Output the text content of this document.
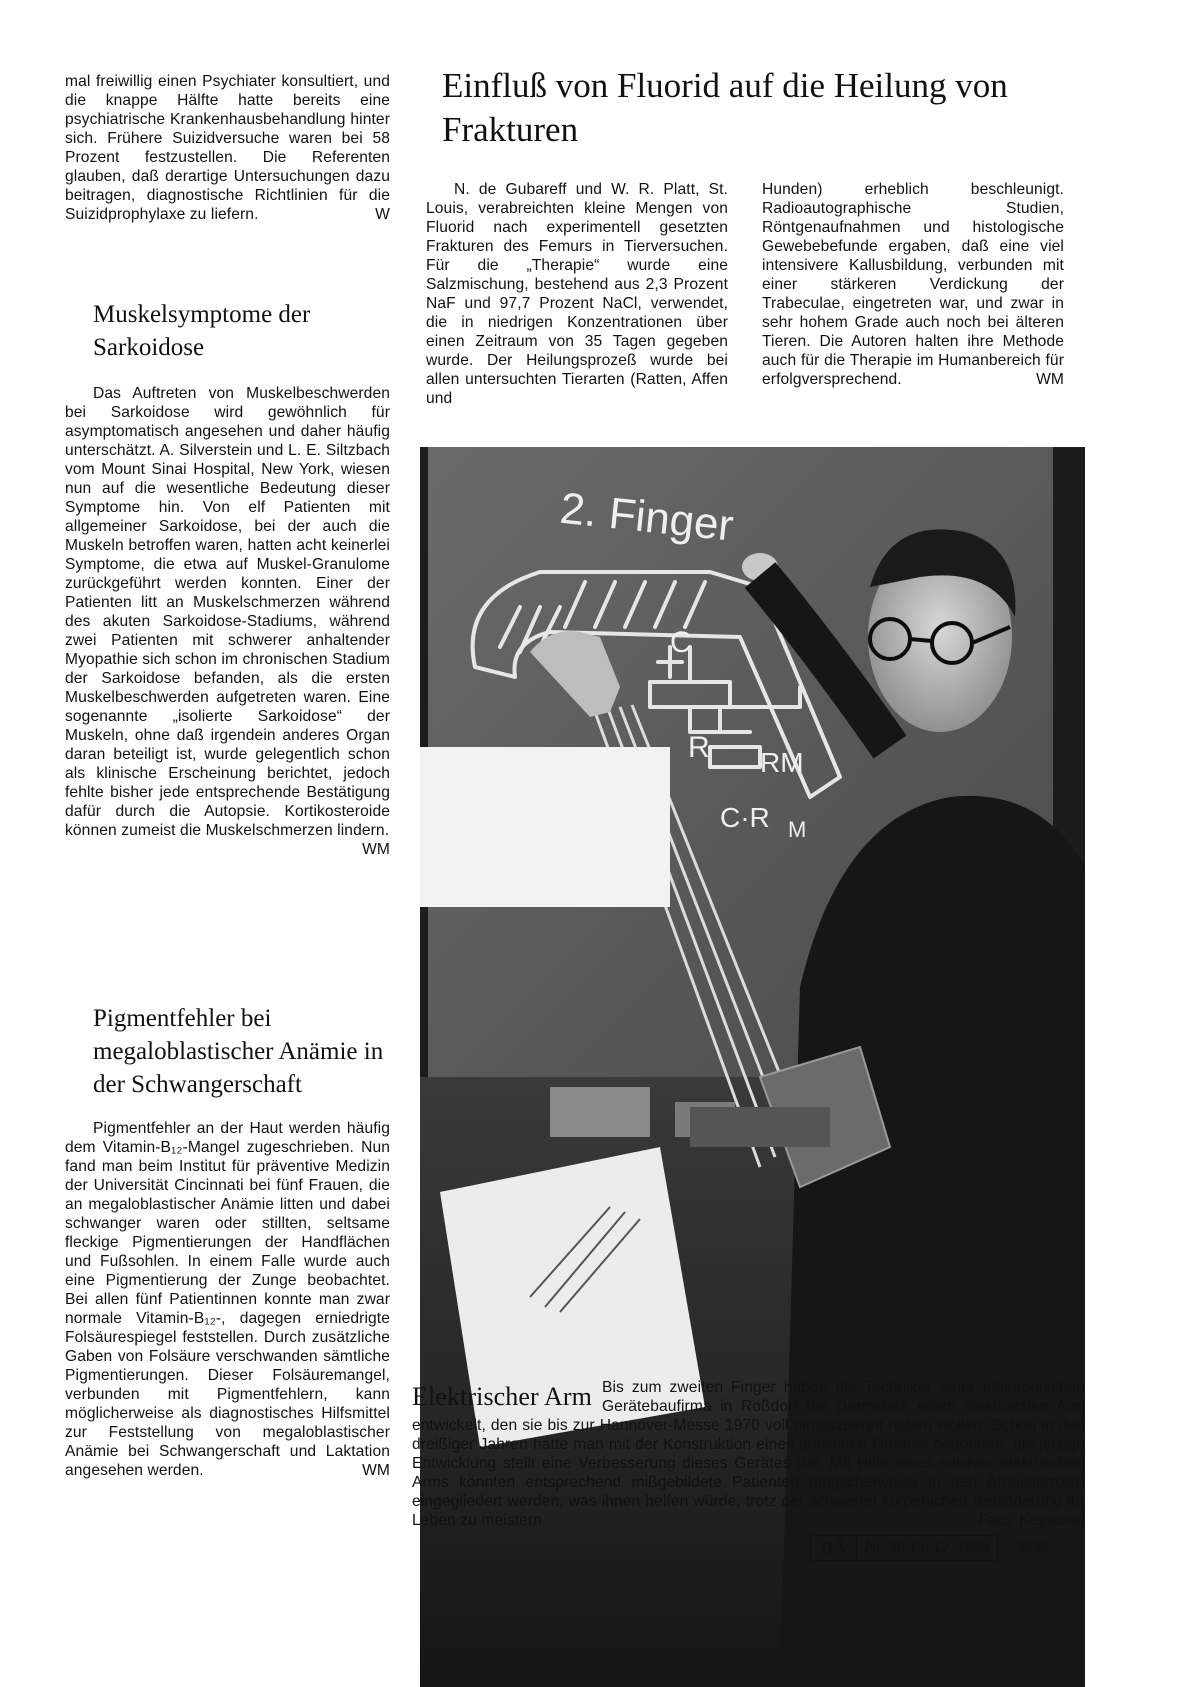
mal freiwillig einen Psychiater konsultiert, und die knappe Hälfte hatte bereits eine psychiatrische Krankenhausbehandlung hinter sich. Frühere Suizidversuche waren bei 58 Prozent festzustellen. Die Referenten glauben, daß derartige Untersuchungen dazu beitragen, diagnostische Richtlinien für die Suizidprophylaxe zu liefern.	W

Muskelsymptome der Sarkoidose

Das Auftreten von Muskelbeschwerden bei Sarkoidose wird gewöhnlich für asymptomatisch angesehen und daher häufig unterschätzt. A. Silverstein und L. E. Siltzbach vom Mount Sinai Hospital, New York, wiesen nun auf die wesentliche Bedeutung dieser Symptome hin. Von elf Patienten mit allgemeiner Sarkoidose, bei der auch die Muskeln betroffen waren, hatten acht keinerlei Symptome, die etwa auf Muskel-Granulome zurückgeführt werden konnten. Einer der Patienten litt an Muskelschmerzen während des akuten Sarkoidose-Stadiums, während zwei Patienten mit schwerer anhaltender Myopathie sich schon im chronischen Stadium der Sarkoidose befanden, als die ersten Muskelbeschwerden aufgetreten waren. Eine sogenannte „isolierte Sarkoidose“ der Muskeln, ohne daß irgendein anderes Organ daran beteiligt ist, wurde gelegentlich schon als klinische Erscheinung berichtet, jedoch fehlte bisher jede entsprechende Bestätigung dafür durch die Autopsie. Kortikosteroide können zumeist die Muskelschmerzen lindern.
WM

Pigmentfehler bei megaloblastischer Anämie in der Schwangerschaft

Pigmentfehler an der Haut werden häufig dem Vitamin-B₁₂-Mangel zugeschrieben. Nun fand man beim Institut für präventive Medizin der Universität Cincinnati bei fünf Frauen, die an megaloblastischer Anämie litten und dabei schwanger waren oder stillten, seltsame fleckige Pigmentierungen der Handflächen und Fußsohlen. In einem Falle wurde auch eine Pigmentierung der Zunge beobachtet. Bei allen fünf Patientinnen konnte man zwar normale Vitamin-B₁₂-, dagegen erniedrigte Folsäurespiegel feststellen. Durch zusätzliche Gaben von Folsäure verschwanden sämtliche Pigmentierungen. Dieser Folsäuremangel, verbunden mit Pigmentfehlern, kann möglicherweise als diagnostisches Hilfsmittel zur Feststellung von megaloblastischer Anämie bei Schwangerschaft und Laktation angesehen werden.	WM

Einfluß von Fluorid auf die Heilung von Frakturen

N. de Gubareff und W. R. Platt, St. Louis, verabreichten kleine Mengen von Fluorid nach experimentell gesetzten Frakturen des Femurs in Tierversuchen. Für die „Therapie“ wurde eine Salzmischung, bestehend aus 2,3 Prozent NaF und 97,7 Prozent NaCl, verwendet, die in niedrigen Konzentrationen über einen Zeitraum von 35 Tagen gegeben wurde. Der Heilungsprozeß wurde bei allen untersuchten Tierarten (Ratten, Affen und

Hunden) erheblich beschleunigt. Radioautographische Studien, Röntgenaufnahmen und histologische Gewebebefunde ergaben, daß eine viel intensivere Kallusbildung, verbunden mit einer stärkeren Verdickung der Trabeculae, eingetreten war, und zwar in sehr hohem Grade auch noch bei älteren Tieren. Die Autoren halten ihre Methode auch für die Therapie im Humanbereich für erfolgversprechend.	WM

2. Finger
C
R RM
C·R M

Elektrischer Arm Bis zum zweiten Finger haben die Techniker einer elektronischen Gerätebaufirma in Roßdorf bei Darmstadt einen elektrischen Arm entwickelt, den sie bis zur Hannover-Messe 1970 voll einsatzbereit haben wollen. Schon in den dreißiger Jahren hatte man mit der Konstruktion eines ähnlichen Gerätes begonnen, die jetzige Entwicklung stellt eine Verbesserung dieses Gerätes dar. Mit Hilfe eines solchen elektrischen Arms könnten entsprechend mißgebildete Patienten möglicherweise in den Arbeitsprozeß eingegliedert werden, was ihnen helfen würde, trotz der schweren körperlichen Behinderung ihr Leben zu meistern	Foto: Keystone

DÄ	Nr. 50/13. 12. 1969	3535
